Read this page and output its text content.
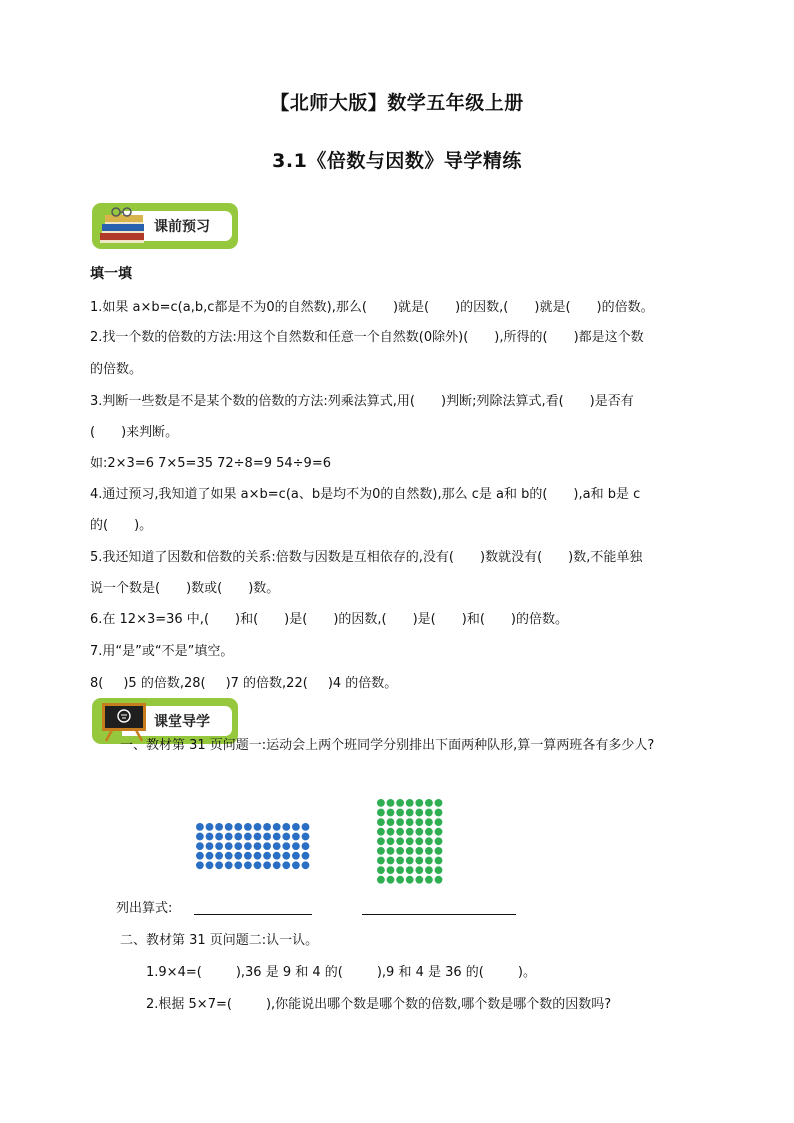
【北师大版】数学五年级上册
3.1《倍数与因数》导学精练
课前预习
填一填
1.如果 a×b=c(a,b,c都是不为0的自然数),那么( )就是( )的因数,( )就是( )的倍数。
2.找一个数的倍数的方法:用这个自然数和任意一个自然数(0除外)( ),所得的( )都是这个数
的倍数。
3.判断一些数是不是某个数的倍数的方法:列乘法算式,用( )判断;列除法算式,看( )是否有
( )来判断。
如:2×3=6 7×5=35 72÷8=9 54÷9=6
4.通过预习,我知道了如果 a×b=c(a、b是均不为0的自然数),那么 c是 a和 b的( ),a和 b是 c
的( )。
5.我还知道了因数和倍数的关系:倍数与因数是互相依存的,没有( )数就没有( )数,不能单独
说一个数是( )数或( )数。
6.在 12×3=36 中,( )和( )是( )的因数,( )是( )和( )的倍数。
7.用“是”或“不是”填空。
8( )5 的倍数,28( )7 的倍数,22( )4 的倍数。
课堂导学
一、教材第 31 页问题一:运动会上两个班同学分别排出下面两种队形,算一算两班各有多少人?
列出算式:
二、教材第 31 页问题二:认一认。
1.9×4=(	),36 是 9 和 4 的(	),9 和 4 是 36 的(	)。
2.根据 5×7=(	),你能说出哪个数是哪个数的倍数,哪个数是哪个数的因数吗?
